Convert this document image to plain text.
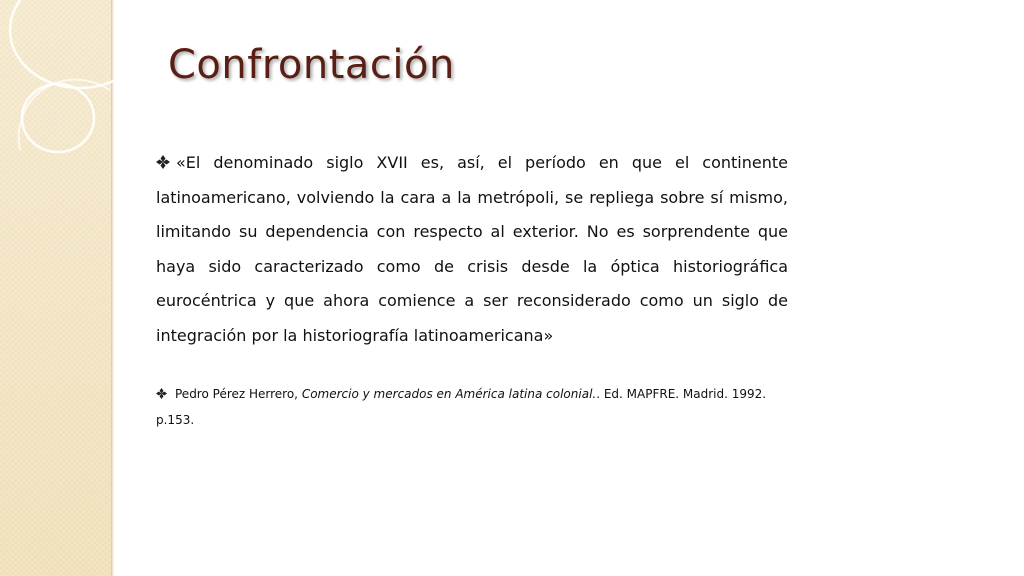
Confrontación

«El denominado siglo XVII es, así, el período en que el continente latinoamericano, volviendo la cara a la metrópoli, se repliega sobre sí mismo, limitando su dependencia con respecto al exterior. No es sorprendente que haya sido caracterizado como de crisis desde la óptica historiográfica eurocéntrica y que ahora comience a ser reconsiderado como un siglo de integración por la historiografía latinoamericana»

Pedro Pérez Herrero, Comercio y mercados en América latina colonial.. Ed. MAPFRE. Madrid. 1992.
p.153.
